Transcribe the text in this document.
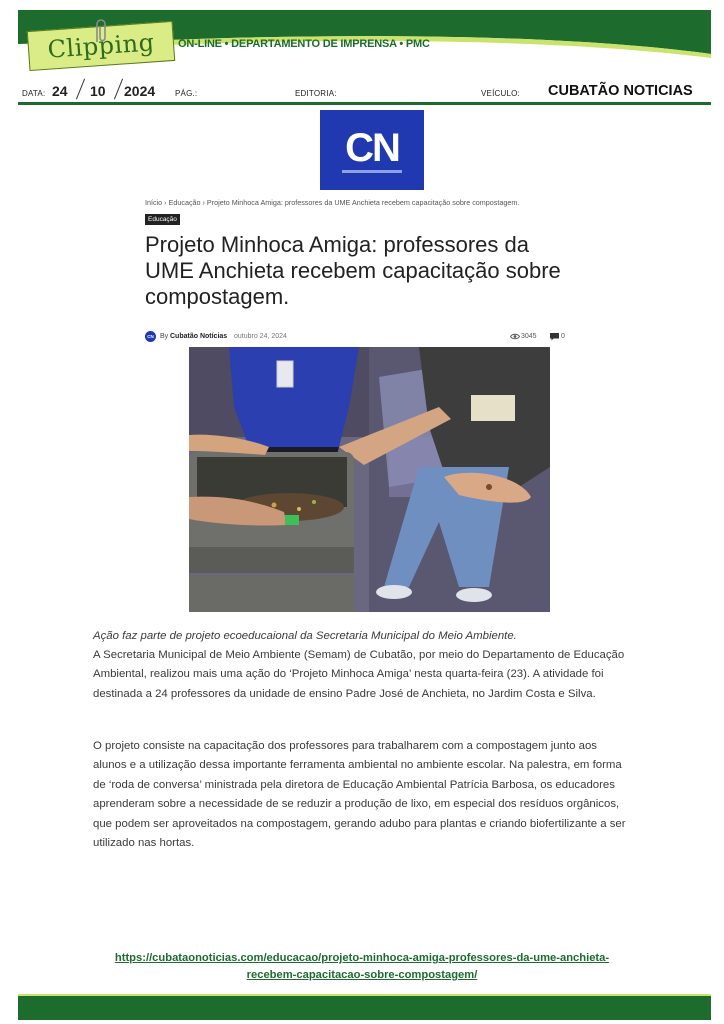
Clipping ON-LINE • DEPARTAMENTO DE IMPRENSA • PMC
DATA: 24 10 2024 PÁG.:	EDITORIA:	VEÍCULO: CUBATÃO NOTICIAS
CN
Início › Educação › Projeto Minhoca Amiga: professores da UME Anchieta recebem capacitação sobre compostagem.
Educação
Projeto Minhoca Amiga: professores da UME Anchieta recebem capacitação sobre compostagem.
CN By Cubatão Notícias outubro 24, 2024	3045	0
Ação faz parte de projeto ecoeducaional da Secretaria Municipal do Meio Ambiente.
A Secretaria Municipal de Meio Ambiente (Semam) de Cubatão, por meio do Departamento de Educação Ambiental, realizou mais uma ação do ‘Projeto Minhoca Amiga’ nesta quarta-feira (23). A atividade foi destinada a 24 professores da unidade de ensino Padre José de Anchieta, no Jardim Costa e Silva.
O projeto consiste na capacitação dos professores para trabalharem com a compostagem junto aos alunos e a utilização dessa importante ferramenta ambiental no ambiente escolar. Na palestra, em forma de ‘roda de conversa’ ministrada pela diretora de Educação Ambiental Patrícia Barbosa, os educadores aprenderam sobre a necessidade de se reduzir a produção de lixo, em especial dos resíduos orgânicos, que podem ser aproveitados na compostagem, gerando adubo para plantas e criando biofertilizante a ser utilizado nas hortas.
https://cubataonoticias.com/educacao/projeto-minhoca-amiga-professores-da-ume-anchieta-
recebem-capacitacao-sobre-compostagem/
